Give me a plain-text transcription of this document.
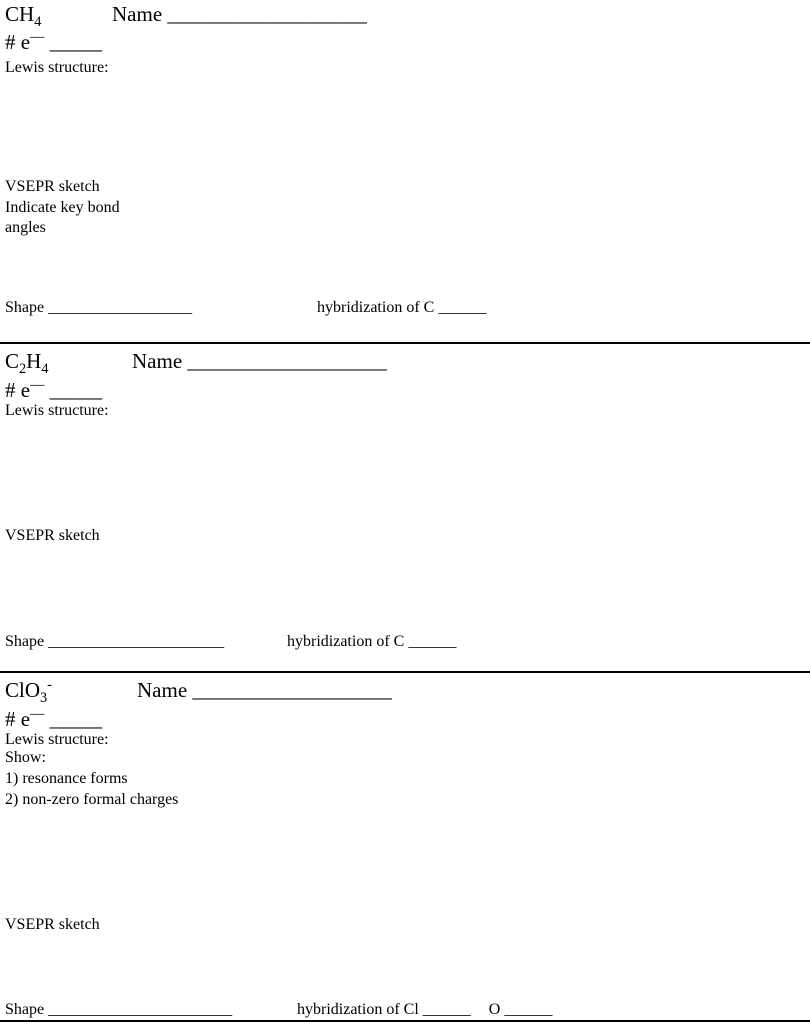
$CH_4$	Name ___________________
# e— _____
Lewis structure:
VSEPR sketch
Indicate key bond
angles
Shape __________________	hybridization of C ______
$C_2H_4$	Name ___________________
# e— _____
Lewis structure:
VSEPR sketch
Shape ______________________	hybridization of C ______
ClO$_3$-	Name ___________________
# e— _____
Lewis structure:
Show:
1) resonance forms
2) non-zero formal charges
VSEPR sketch
Shape _______________________	hybridization of Cl ______ O ______
